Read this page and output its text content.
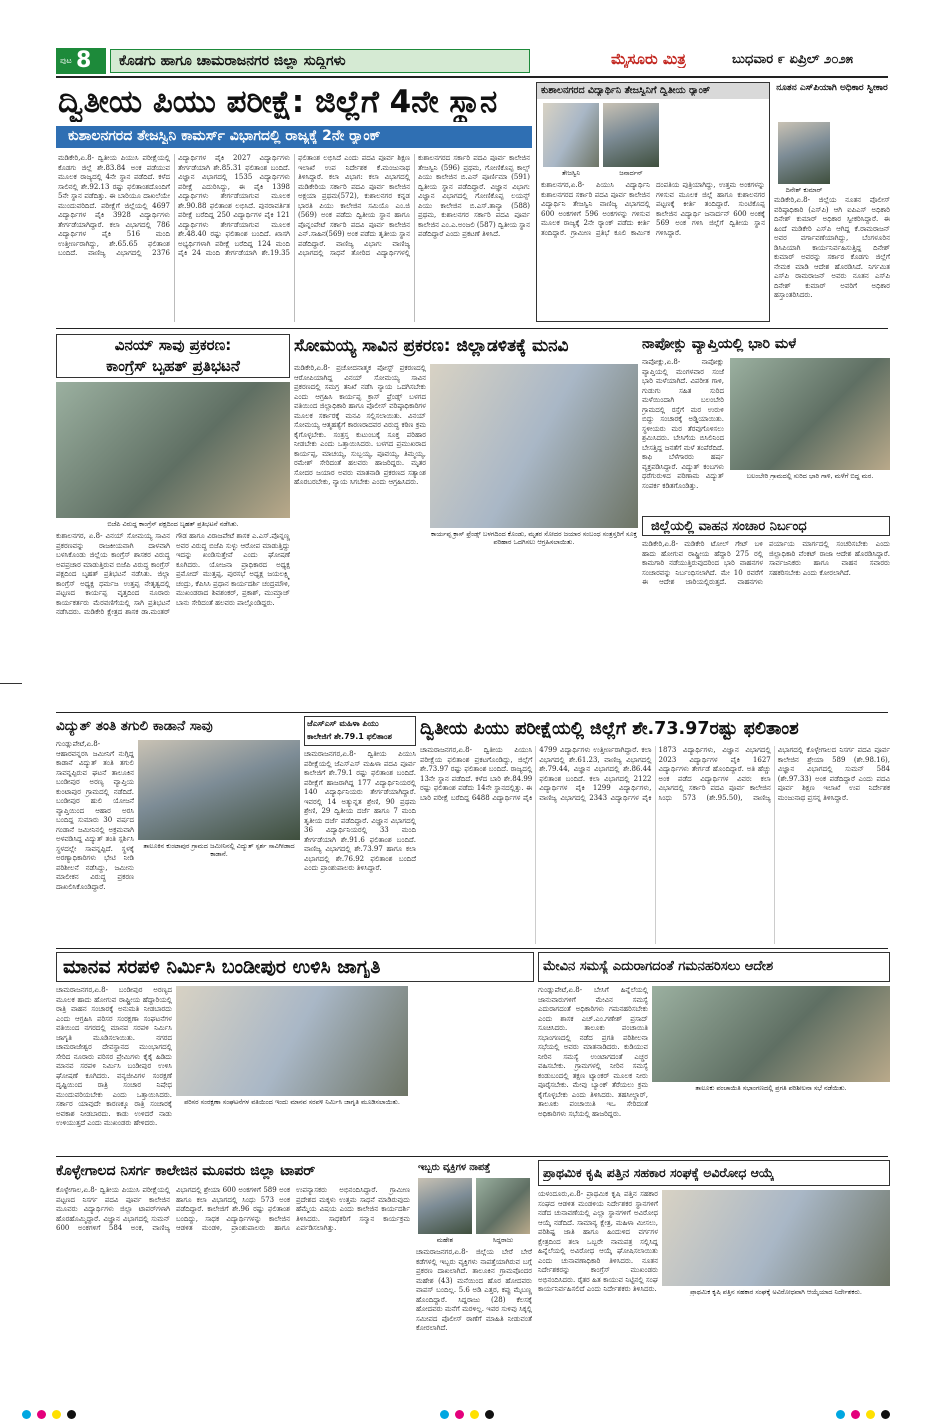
ಪುಟ 8 ಕೊಡಗು ಹಾಗೂ ಚಾಮರಾಜನಗರ ಜಿಲ್ಲಾ ಸುದ್ದಿಗಳು	ಮೈಸೂರು ಮಿತ್ರ	ಬುಧವಾರ ೯ ಏಪ್ರಿಲ್ ೨೦೨೫
ದ್ವಿತೀಯ ಪಿಯು ಪರೀಕ್ಷೆ: ಜಿಲ್ಲೆಗೆ 4ನೇ ಸ್ಥಾನ
ಕುಶಾಲನಗರದ ತೇಜಸ್ವಿನಿ ಕಾಮರ್ಸ್ ವಿಭಾಗದಲ್ಲಿ ರಾಜ್ಯಕ್ಕೆ 2ನೇ ರ‍್ಯಾಂಕ್
ಮಡಿಕೇರಿ,ಏ.8- ದ್ವಿತೀಯ ಪಿಯುಸಿ ಪರೀಕ್ಷೆಯಲ್ಲಿ ಕೊಡಗು ಜಿಲ್ಲೆ ಶೇ.83.84 ಅಂಕ ಪಡೆಯುವ ಮೂಲಕ ರಾಜ್ಯದಲ್ಲಿ 4ನೇ ಸ್ಥಾನ ಪಡೆದಿದೆ. ಕಳೆದ ಸಾಲಿನಲ್ಲಿ ಶೇ.92.13 ರಷ್ಟು ಫಲಿತಾಂಶದೊಂದಿಗೆ 5ನೇ ಸ್ಥಾನ ಪಡೆದಿತ್ತು. ಈ ಬಾರಿಯೂ ದಾಖಲೆಯೇ ಮುಂದುವರಿದಿದೆ. ಪರೀಕ್ಷೆಗೆ ಜಿಲ್ಲೆಯಲ್ಲಿ 4697 ವಿದ್ಯಾರ್ಥಿಗಳ ಪೈಕಿ 3928 ವಿದ್ಯಾರ್ಥಿಗಳು ತೇರ್ಗಡೆಯಾಗಿದ್ದಾರೆ. ಕಲಾ ವಿಭಾಗದಲ್ಲಿ 786 ವಿದ್ಯಾರ್ಥಿಗಳ ಪೈಕಿ 516 ಮಂದಿ ಉತ್ತೀರ್ಣರಾಗಿದ್ದು, ಶೇ.65.65 ಫಲಿತಾಂಶ ಬಂದಿದೆ. ವಾಣಿಜ್ಯ ವಿಭಾಗದಲ್ಲಿ 2376 ವಿದ್ಯಾರ್ಥಿಗಳ ಪೈಕಿ 2027 ವಿದ್ಯಾರ್ಥಿಗಳು ತೇರ್ಗಡೆಯಾಗಿ ಶೇ.85.31 ಫಲಿತಾಂಶ ಬಂದಿದೆ. ವಿಜ್ಞಾನ ವಿಭಾಗದಲ್ಲಿ 1535 ವಿದ್ಯಾರ್ಥಿಗಳು ಪರೀಕ್ಷೆ ಎದುರಿಸಿದ್ದು, ಈ ಪೈಕಿ 1398 ವಿದ್ಯಾರ್ಥಿಗಳು ತೇರ್ಗಡೆಯಾಗುವ ಮೂಲಕ ಶೇ.90.88 ಫಲಿತಾಂಶ ಲಭಿಸಿದೆ. ಪುನರಾವರ್ತಿತ ಪರೀಕ್ಷೆ ಬರೆದಿದ್ದ 250 ವಿದ್ಯಾರ್ಥಿಗಳ ಪೈಕಿ 121 ವಿದ್ಯಾರ್ಥಿಗಳು ತೇರ್ಗಡೆಯಾಗುವ ಮೂಲಕ ಶೇ.48.40 ರಷ್ಟು ಫಲಿತಾಂಶ ಬಂದಿದೆ. ಖಾಸಗಿ ಅಭ್ಯರ್ಥಿಗಳಾಗಿ ಪರೀಕ್ಷೆ ಬರೆದಿದ್ದ 124 ಮಂದಿ ಪೈಕಿ 24 ಮಂದಿ ತೇರ್ಗಡೆಯಾಗಿ ಶೇ.19.35 ಫಲಿತಾಂಶ ಲಭಿಸಿದೆ ಎಂದು ಪದವಿ ಪೂರ್ವ ಶಿಕ್ಷಣ ಇಲಾಖೆ ಉಪ ನಿರ್ದೇಶಕ ಕೆ.ಮಂಜುನಾಥ ತಿಳಿಸಿದ್ದಾರೆ. ಕಲಾ ವಿಭಾಗ: ಕಲಾ ವಿಭಾಗದಲ್ಲಿ ಮಡಿಕೇರಿಯ ಸರ್ಕಾರಿ ಪದವಿ ಪೂರ್ವ ಕಾಲೇಜಿನ ಅಕ್ಷಯಾ ಪ್ರಥಮ(572), ಕುಶಾಲನಗರ ಕನ್ನಡ ಭಾರತಿ ಪಿಯು ಕಾಲೇಜಿನ ಸಮಿಯೊ ಎಂ.ಜಿ (569) ಅಂಕ ಪಡೆದು ದ್ವಿತೀಯ ಸ್ಥಾನ ಹಾಗೂ ಪೊನ್ನಂಪೇಟೆ ಸರ್ಕಾರಿ ಪದವಿ ಪೂರ್ವ ಕಾಲೇಜಿನ ಎನ್.ಸಾಹಿನ(569) ಅಂಕ ಪಡೆದು ತೃತೀಯ ಸ್ಥಾನ ಪಡೆದಿದ್ದಾರೆ. ವಾಣಿಜ್ಯ ವಿಭಾಗ: ವಾಣಿಜ್ಯ ವಿಭಾಗದಲ್ಲಿ ಸಾಧನೆ ತೋರಿದ ವಿದ್ಯಾರ್ಥಿಗಳಲ್ಲಿ ಕುಶಾಲನಗರದ ಸರ್ಕಾರಿ ಪದವಿ ಪೂರ್ವ ಕಾಲೇಜಿನ ತೇಜಸ್ವಿನಿ (596) ಪ್ರಥಮ, ಗೋಣಿಕೊಪ್ಪ ಕಾಲ್ಸ್ ಪಿಯು ಕಾಲೇಜಿನ ಬಿ.ಎನ್ ಪೂರ್ಣಿಮಾ (591) ದ್ವಿತೀಯ ಸ್ಥಾನ ಪಡೆದಿದ್ದಾರೆ. ವಿಜ್ಞಾನ ವಿಭಾಗ: ವಿಜ್ಞಾನ ವಿಭಾಗದಲ್ಲಿ ಗೋಣಿಕೊಪ್ಪ ಲಯನ್ಸ್ ಪಿಯು ಕಾಲೇಜಿನ ಬಿ.ಎಸ್.ತಾನ್ಯಾ (588) ಪ್ರಥಮ, ಕುಶಾಲನಗರ ಸರ್ಕಾರಿ ಪದವಿ ಪೂರ್ವ ಕಾಲೇಜಿನ ಎಂ.ಎ.ಅಂಜಲಿ (587) ದ್ವಿತೀಯ ಸ್ಥಾನ ಪಡೆದಿದ್ದಾರೆ ಎಂದು ಪ್ರಕಟಣೆ ತಿಳಿಸಿದೆ.
ಕುಶಾಲನಗರದ ವಿದ್ಯಾರ್ಥಿನಿ ತೇಜಸ್ವಿನಿಗೆ ದ್ವಿತೀಯ ರ‍್ಯಾಂಕ್
ತೇಜಸ್ವಿನಿ	ಜನಾರ್ದನ್
ಕುಶಾಲನಗರ,ಏ.8- ಪಿಯುಸಿ ವಿದ್ಯಾರ್ಥಿನಿ ಕುಶಾಲನಗರದ ಸರ್ಕಾರಿ ಪದವಿ ಪೂರ್ವ ಕಾಲೇಜಿನ ವಿದ್ಯಾರ್ಥಿನಿ ತೇಜಸ್ವಿನಿ ವಾಣಿಜ್ಯ ವಿಭಾಗದಲ್ಲಿ 600 ಅಂಕಗಳಿಗೆ 596 ಅಂಕಗಳನ್ನು ಗಳಿಸುವ ಮೂಲಕ ರಾಜ್ಯಕ್ಕೆ 2ನೇ ರ‍್ಯಾಂಕ್ ಪಡೆದು ಕೀರ್ತಿ ತಂದಿದ್ದಾರೆ. ಗ್ರಾಮೀಣ ಪ್ರತಿಭೆ ಕೂಲಿ ಕಾರ್ಮಿಕ ದಂಪತಿಯ ಪುತ್ರಿಯಾಗಿದ್ದು, ಉತ್ತಮ ಅಂಕಗಳನ್ನು ಗಳಿಸುವ ಮೂಲಕ ಜಿಲ್ಲೆ ಹಾಗೂ ಕುಶಾಲನಗರ ಪಟ್ಟಣಕ್ಕೆ ಕೀರ್ತಿ ತಂದಿದ್ದಾರೆ. ಸುಂಟಿಕೊಪ್ಪ ಕಾಲೇಜಿನ ವಿದ್ಯಾರ್ಥಿ ಜನಾರ್ದನ್ 600 ಅಂಕಕ್ಕೆ 569 ಅಂಕ ಗಳಿಸಿ ಜಿಲ್ಲೆಗೆ ದ್ವಿತೀಯ ಸ್ಥಾನ ಗಳಿಸಿದ್ದಾರೆ.
ನೂತನ ಎಸ್‌ಪಿಯಾಗಿ ಅಧಿಕಾರ ಸ್ವೀಕಾರ
ದಿನೇಶ್ ಕುಮಾರ್
ಮಡಿಕೇರಿ,ಏ.8- ಜಿಲ್ಲೆಯ ನೂತನ ಪೊಲೀಸ್ ವರಿಷ್ಠಾಧಿಕಾರಿ (ಎಸ್‌ಪಿ) ಆಗಿ ಐಪಿಎಸ್ ಅಧಿಕಾರಿ ದಿನೇಶ್ ಕುಮಾರ್ ಅಧಿಕಾರ ಸ್ವೀಕರಿಸಿದ್ದಾರೆ. ಈ ಹಿಂದೆ ಮಡಿಕೇರಿ ಎಸ್‌ಪಿ ಆಗಿದ್ದ ಕೆ.ರಾಮರಾಜನ್ ಅವರ ವರ್ಗಾವಣೆಯಾಗಿದ್ದು, ಬೆಂಗಳೂರಿನ ಡಿಸಿಪಿಯಾಗಿ ಕಾರ್ಯನಿರ್ವಹಿಸುತ್ತಿದ್ದ ದಿನೇಶ್ ಕುಮಾರ್ ಅವರನ್ನು ಸರ್ಕಾರ ಕೊಡಗು ಜಿಲ್ಲೆಗೆ ನೇಮಕ ಮಾಡಿ ಆದೇಶ ಹೊರಡಿಸಿದೆ. ನಿರ್ಗಮಿತ ಎಸ್‌ಪಿ ರಾಮರಾಜನ್ ಅವರು ನೂತನ ಎಸ್‌ಪಿ ದಿನೇಶ್ ಕುಮಾರ್ ಅವರಿಗೆ ಅಧಿಕಾರ ಹಸ್ತಾಂತರಿಸಿದರು.
ವಿನಯ್ ಸಾವು ಪ್ರಕರಣ:
ಕಾಂಗ್ರೆಸ್ ಬೃಹತ್ ಪ್ರತಿಭಟನೆ
ಬಿಜೆಪಿ ವಿರುದ್ಧ ಕಾಂಗ್ರೆಸ್ ಪಕ್ಷದಿಂದ ಬೃಹತ್ ಪ್ರತಿಭಟನೆ ನಡೆಸಿತು.
ಕುಶಾಲನಗರ, ಏ.8- ವಿನಯ್ ಸೋಮಯ್ಯ ಸಾವಿನ ಪ್ರಕರಣವನ್ನು ರಾಜಕೀಯವಾಗಿ ದಾಳವಾಗಿ ಬಳಸಿಕೊಂಡು ಜಿಲ್ಲೆಯ ಕಾಂಗ್ರೆಸ್ ಶಾಸಕರ ವಿರುದ್ಧ ಅಪಪ್ರಚಾರ ಮಾಡುತ್ತಿರುವ ಬಿಜೆಪಿ ವಿರುದ್ಧ ಕಾಂಗ್ರೆಸ್ ಪಕ್ಷದಿಂದ ಬೃಹತ್ ಪ್ರತಿಭಟನೆ ನಡೆಸಿತು. ಜಿಲ್ಲಾ ಕಾಂಗ್ರೆಸ್ ಅಧ್ಯಕ್ಷ ಧರ್ಮಜ ಉತ್ತಪ್ಪ ನೇತೃತ್ವದಲ್ಲಿ ಪಟ್ಟಣದ ಕಾರ್ಯಪ್ಪ ವೃತ್ತದಿಂದ ನೂರಾರು ಕಾರ್ಯಕರ್ತರು ಮೆರವಣಿಗೆಯಲ್ಲಿ ಸಾಗಿ ಪ್ರತಿಭಟನೆ ನಡೆಸಿದರು. ಮಡಿಕೇರಿ ಕ್ಷೇತ್ರದ ಶಾಸಕ ಡಾ.ಮಂತರ್ ಗೌಡ ಹಾಗೂ ವಿರಾಜಪೇಟೆ ಶಾಸಕ ಎ.ಎಸ್.ಪೊನ್ನಣ್ಣ ಅವರ ವಿರುದ್ಧ ಬಿಜೆಪಿ ಸುಳ್ಳು ಆರೋಪ ಮಾಡುತ್ತಿದ್ದು ಇದನ್ನು ಖಂಡಿಸುತ್ತೇವೆ ಎಂದು ಘೋಷಣೆ ಕೂಗಿದರು. ಯೋಜನಾ ಪ್ರಾಧಿಕಾರದ ಅಧ್ಯಕ್ಷ ಪ್ರಮೋದ್ ಮುತ್ತಪ್ಪ, ಪುರಸಭೆ ಅಧ್ಯಕ್ಷ ಜಯಲಕ್ಷ್ಮಿ ಚಂದ್ರು, ಕೆಪಿಸಿಸಿ ಪ್ರಧಾನ ಕಾರ್ಯದರ್ಶಿ ಚಂದ್ರಮೌಳಿ, ಮುಖಂಡರಾದ ಶಿವಶಂಕರ್, ಪ್ರಕಾಶ್, ಮುಮ್ತಾಜ್ ಬಾನು ಸೇರಿದಂತೆ ಹಲವರು ಪಾಲ್ಗೊಂಡಿದ್ದರು.
ಸೋಮಯ್ಯ ಸಾವಿನ ಪ್ರಕರಣ: ಜಿಲ್ಲಾಡಳಿತಕ್ಕೆ ಮನವಿ
ಮಡಿಕೇರಿ,ಏ.8- ಪ್ರಚೋದನಾತ್ಮಕ ಪೋಸ್ಟ್ ಪ್ರಕರಣದಲ್ಲಿ ಆರೋಪಿಯಾಗಿದ್ದ ವಿನಯ್ ಸೋಮಯ್ಯ ಸಾವಿನ ಪ್ರಕರಣದಲ್ಲಿ ಸಮಗ್ರ ತನಿಖೆ ನಡೆಸಿ ನ್ಯಾಯ ಒದಗಿಸಬೇಕು ಎಂದು ಆಗ್ರಹಿಸಿ ಕಾರ್ಯಪ್ಪ ಕ್ರಾಸ್ ಫ್ರೆಂಡ್ಸ್ ಬಳಗದ ವತಿಯಿಂದ ಜಿಲ್ಲಾಧಿಕಾರಿ ಹಾಗೂ ಪೊಲೀಸ್ ವರಿಷ್ಠಾಧಿಕಾರಿಗಳ ಮೂಲಕ ಸರ್ಕಾರಕ್ಕೆ ಮನವಿ ಸಲ್ಲಿಸಲಾಯಿತು. ವಿನಯ್ ಸೋಮಯ್ಯ ಆತ್ಮಹತ್ಯೆಗೆ ಕಾರಣರಾದವರ ವಿರುದ್ಧ ಕಠಿಣ ಕ್ರಮ ಕೈಗೊಳ್ಳಬೇಕು. ಸಂತ್ರಸ್ತ ಕುಟುಂಬಕ್ಕೆ ಸೂಕ್ತ ಪರಿಹಾರ ನೀಡಬೇಕು ಎಂದು ಒತ್ತಾಯಿಸಿದರು. ಬಳಗದ ಪ್ರಮುಖರಾದ ಕಾರ್ಯಪ್ಪ, ಮಾಚಯ್ಯ, ಸುಬ್ಬಯ್ಯ, ಪೂವಯ್ಯ, ತಿಮ್ಮಯ್ಯ, ರಮೇಶ್ ಸೇರಿದಂತೆ ಹಲವರು ಹಾಜರಿದ್ದರು. ಮೃತರ ಸೋದರ ಜಯಾರ ಅವರು ಮಾತನಾಡಿ ಪ್ರಕರಣದ ಸತ್ಯಾಂಶ ಹೊರಬರಬೇಕು, ನ್ಯಾಯ ಸಿಗಬೇಕು ಎಂದು ಆಗ್ರಹಿಸಿದರು.
ಕಾರ್ಯಪ್ಪ ಕ್ರಾಸ್ ಫ್ರೆಂಡ್ಸ್ ಬಳಗದಿಂದ ಕೊಂಡು, ಮೃತರ ಸೋದರ ಜಯಾರ ಸಂಬಂಧ ಸಂತ್ರಸ್ತರಿಗೆ ಸೂಕ್ತ ಪರಿಹಾರ ಒದಗಿಸಲು ಆಗ್ರಹಿಸಲಾಯಿತು.
ನಾಪೋಕ್ಲು ವ್ಯಾಪ್ತಿಯಲ್ಲಿ ಭಾರಿ ಮಳೆ
ನಾಪೋಕ್ಲು,ಏ.8- ನಾಪೋಕ್ಲು ವ್ಯಾಪ್ತಿಯಲ್ಲಿ ಮಂಗಳವಾರ ಸಂಜೆ ಭಾರಿ ಮಳೆಯಾಗಿದೆ. ವಿಪರೀತ ಗಾಳಿ, ಗುಡುಗು ಸಹಿತ ಸುರಿದ ಮಳೆಯಿಂದಾಗಿ ಬಲಂಬೇರಿ ಗ್ರಾಮದಲ್ಲಿ ರಸ್ತೆಗೆ ಮರ ಉರುಳಿ ಬಿದ್ದು ಸಂಚಾರಕ್ಕೆ ಅಡ್ಡಿಯಾಯಿತು. ಸ್ಥಳೀಯರು ಮರ ತೆರವುಗೊಳಿಸಲು ಶ್ರಮಿಸಿದರು. ಬೇಸಿಗೆಯ ಬಿಸಿಲಿನಿಂದ ಬೇಸತ್ತಿದ್ದ ಜನತೆಗೆ ಮಳೆ ತಂಪೆರೆದಿದೆ. ಕಾಫಿ ಬೆಳೆಗಾರರು ಹರ್ಷ ವ್ಯಕ್ತಪಡಿಸಿದ್ದಾರೆ. ವಿದ್ಯುತ್ ಕಂಬಗಳು ಧರೆಗುರುಳಿದ ಪರಿಣಾಮ ವಿದ್ಯುತ್ ಸಂಪರ್ಕ ಕಡಿತಗೊಂಡಿತ್ತು.
ಬಲಂಬೇರಿ ಗ್ರಾಮದಲ್ಲಿ ಸುರಿದ ಭಾರಿ ಗಾಳಿ, ಮಳೆಗೆ ಬಿದ್ದ ಮರ.
ಜಿಲ್ಲೆಯಲ್ಲಿ ವಾಹನ ಸಂಚಾರ ನಿರ್ಬಂಧ
ಮಡಿಕೇರಿ,ಏ.8- ಮಡಿಕೇರಿ ಟೋಲ್ ಗೇಟ್ ಬಳಿ ಹಾದು ಹೋಗುವ ರಾಷ್ಟ್ರೀಯ ಹೆದ್ದಾರಿ 275 ರಲ್ಲಿ ಕಾಮಗಾರಿ ನಡೆಯುತ್ತಿರುವುದರಿಂದ ಭಾರಿ ವಾಹನಗಳ ಸಂಚಾರವನ್ನು ನಿರ್ಬಂಧಿಸಲಾಗಿದೆ. ಮೇ 10 ರವರೆಗೆ ಈ ಆದೇಶ ಜಾರಿಯಲ್ಲಿರುತ್ತದೆ. ವಾಹನಗಳು ಪರ್ಯಾಯ ಮಾರ್ಗದಲ್ಲಿ ಸಂಚರಿಸಬೇಕು ಎಂದು ಜಿಲ್ಲಾಧಿಕಾರಿ ವೆಂಕಟ್ ರಾಜಾ ಆದೇಶ ಹೊರಡಿಸಿದ್ದಾರೆ. ಸಾರ್ವಜನಿಕರು ಹಾಗೂ ವಾಹನ ಸವಾರರು ಸಹಕರಿಸಬೇಕು ಎಂದು ಕೋರಲಾಗಿದೆ.
ವಿದ್ಯುತ್ ತಂತಿ ತಗುಲಿ ಕಾಡಾನೆ ಸಾವು
ತಾಲೂಕಿನ ಕುಂಟಾಪುರ ಗ್ರಾಮದ ಜಮೀನಿನಲ್ಲಿ ವಿದ್ಯುತ್ ಸ್ಪರ್ಶ ಸಾವಿಗೀಡಾದ ಕಾಡಾನೆ.
ಗುಂಡ್ಲುಪೇಟೆ,ಏ.8- ಆಹಾರವನ್ನರಸಿ ಜಮೀನಿಗೆ ನುಗ್ಗಿದ್ದ ಕಾಡಾನೆ ವಿದ್ಯುತ್ ತಂತಿ ತಗುಲಿ ಸಾವನ್ನಪ್ಪಿರುವ ಘಟನೆ ತಾಲೂಕಿನ ಬಂಡೀಪುರ ಅರಣ್ಯ ವ್ಯಾಪ್ತಿಯ ಕುಂಟಾಪುರ ಗ್ರಾಮದಲ್ಲಿ ನಡೆದಿದೆ. ಬಂಡೀಪುರ ಹುಲಿ ಯೋಜನೆ ವ್ಯಾಪ್ತಿಯಿಂದ ಆಹಾರ ಅರಸಿ ಬಂದಿದ್ದ ಸುಮಾರು 30 ವರ್ಷದ ಗಂಡಾನೆ ಜಮೀನಿನಲ್ಲಿ ಅಕ್ರಮವಾಗಿ ಅಳವಡಿಸಿದ್ದ ವಿದ್ಯುತ್ ತಂತಿ ಸ್ಪರ್ಶಿಸಿ ಸ್ಥಳದಲ್ಲೇ ಸಾವನ್ನಪ್ಪಿದೆ. ಸ್ಥಳಕ್ಕೆ ಅರಣ್ಯಾಧಿಕಾರಿಗಳು ಭೇಟಿ ನೀಡಿ ಪರಿಶೀಲನೆ ನಡೆಸಿದ್ದು, ಜಮೀನು ಮಾಲೀಕನ ವಿರುದ್ಧ ಪ್ರಕರಣ ದಾಖಲಿಸಿಕೊಂಡಿದ್ದಾರೆ.
ಜೆಎಸ್‌ಎಸ್ ಮಹಿಳಾ ಪಿಯು
ಕಾಲೇಜಿಗೆ ಶೇ.79.1 ಫಲಿತಾಂಶ
ಚಾಮರಾಜನಗರ,ಏ.8- ದ್ವಿತೀಯ ಪಿಯುಸಿ ಪರೀಕ್ಷೆಯಲ್ಲಿ ಜೆಎಸ್‌ಎಸ್ ಮಹಿಳಾ ಪದವಿ ಪೂರ್ವ ಕಾಲೇಜಿಗೆ ಶೇ.79.1 ರಷ್ಟು ಫಲಿತಾಂಶ ಬಂದಿದೆ. ಪರೀಕ್ಷೆಗೆ ಹಾಜರಾಗಿದ್ದ 177 ವಿದ್ಯಾರ್ಥಿನಿಯರಲ್ಲಿ 140 ವಿದ್ಯಾರ್ಥಿನಿಯರು ತೇರ್ಗಡೆಯಾಗಿದ್ದಾರೆ. ಇವರಲ್ಲಿ 14 ಅತ್ಯುನ್ನತ ಶ್ರೇಣಿ, 90 ಪ್ರಥಮ ಶ್ರೇಣಿ, 29 ದ್ವಿತೀಯ ದರ್ಜೆ ಹಾಗೂ 7 ಮಂದಿ ತೃತೀಯ ದರ್ಜೆ ಪಡೆದಿದ್ದಾರೆ. ವಿಜ್ಞಾನ ವಿಭಾಗದಲ್ಲಿ 36 ವಿದ್ಯಾರ್ಥಿನಿಯರಲ್ಲಿ 33 ಮಂದಿ ತೇರ್ಗಡೆಯಾಗಿ ಶೇ.91.6 ಫಲಿತಾಂಶ ಬಂದಿದೆ. ವಾಣಿಜ್ಯ ವಿಭಾಗದಲ್ಲಿ ಶೇ.73.97 ಹಾಗೂ ಕಲಾ ವಿಭಾಗದಲ್ಲಿ ಶೇ.76.92 ಫಲಿತಾಂಶ ಬಂದಿದೆ ಎಂದು ಪ್ರಾಂಶುಪಾಲರು ತಿಳಿಸಿದ್ದಾರೆ.
ದ್ವಿತೀಯ ಪಿಯು ಪರೀಕ್ಷೆಯಲ್ಲಿ ಜಿಲ್ಲೆಗೆ ಶೇ.73.97ರಷ್ಟು ಫಲಿತಾಂಶ
ಚಾಮರಾಜನಗರ,ಏ.8- ದ್ವಿತೀಯ ಪಿಯುಸಿ ಪರೀಕ್ಷೆಯ ಫಲಿತಾಂಶ ಪ್ರಕಟಗೊಂಡಿದ್ದು, ಜಿಲ್ಲೆಗೆ ಶೇ.73.97 ರಷ್ಟು ಫಲಿತಾಂಶ ಬಂದಿದೆ. ರಾಜ್ಯದಲ್ಲಿ 13ನೇ ಸ್ಥಾನ ಪಡೆದಿದೆ. ಕಳೆದ ಬಾರಿ ಶೇ.84.99 ರಷ್ಟು ಫಲಿತಾಂಶ ಪಡೆದು 14ನೇ ಸ್ಥಾನದಲ್ಲಿತ್ತು. ಈ ಬಾರಿ ಪರೀಕ್ಷೆ ಬರೆದಿದ್ದ 6488 ವಿದ್ಯಾರ್ಥಿಗಳ ಪೈಕಿ 4799 ವಿದ್ಯಾರ್ಥಿಗಳು ಉತ್ತೀರ್ಣರಾಗಿದ್ದಾರೆ. ಕಲಾ ವಿಭಾಗದಲ್ಲಿ ಶೇ.61.23, ವಾಣಿಜ್ಯ ವಿಭಾಗದಲ್ಲಿ ಶೇ.79.44, ವಿಜ್ಞಾನ ವಿಭಾಗದಲ್ಲಿ ಶೇ.86.44 ಫಲಿತಾಂಶ ಬಂದಿದೆ. ಕಲಾ ವಿಭಾಗದಲ್ಲಿ 2122 ವಿದ್ಯಾರ್ಥಿಗಳ ಪೈಕಿ 1299 ವಿದ್ಯಾರ್ಥಿಗಳು, ವಾಣಿಜ್ಯ ವಿಭಾಗದಲ್ಲಿ 2343 ವಿದ್ಯಾರ್ಥಿಗಳ ಪೈಕಿ 1873 ವಿದ್ಯಾರ್ಥಿಗಳು, ವಿಜ್ಞಾನ ವಿಭಾಗದಲ್ಲಿ 2023 ವಿದ್ಯಾರ್ಥಿಗಳ ಪೈಕಿ 1627 ವಿದ್ಯಾರ್ಥಿಗಳು ತೇರ್ಗಡೆ ಹೊಂದಿದ್ದಾರೆ. ಅತಿ ಹೆಚ್ಚು ಅಂಕ ಪಡೆದ ವಿದ್ಯಾರ್ಥಿಗಳ ವಿವರ: ಕಲಾ ವಿಭಾಗದಲ್ಲಿ ಸರ್ಕಾರಿ ಪದವಿ ಪೂರ್ವ ಕಾಲೇಜಿನ ಸಿಂಧು 573 (ಶೇ.95.50), ವಾಣಿಜ್ಯ ವಿಭಾಗದಲ್ಲಿ ಕೊಳ್ಳೇಗಾಲದ ನಿಸರ್ಗ ಪದವಿ ಪೂರ್ವ ಕಾಲೇಜಿನ ಶ್ರೇಯಾ 589 (ಶೇ.98.16), ವಿಜ್ಞಾನ ವಿಭಾಗದಲ್ಲಿ ಸುಮನ್ 584 (ಶೇ.97.33) ಅಂಕ ಪಡೆದಿದ್ದಾರೆ ಎಂದು ಪದವಿ ಪೂರ್ವ ಶಿಕ್ಷಣ ಇಲಾಖೆ ಉಪ ನಿರ್ದೇಶಕ ಮಂಜುನಾಥ ಪ್ರಸನ್ನ ತಿಳಿಸಿದ್ದಾರೆ.
ಮಾನವ ಸರಪಳಿ ನಿರ್ಮಿಸಿ ಬಂಡೀಪುರ ಉಳಿಸಿ ಜಾಗೃತಿ
ಚಾಮರಾಜನಗರ,ಏ.8- ಬಂಡೀಪುರ ಅರಣ್ಯದ ಮೂಲಕ ಹಾದು ಹೋಗುವ ರಾಷ್ಟ್ರೀಯ ಹೆದ್ದಾರಿಯಲ್ಲಿ ರಾತ್ರಿ ವಾಹನ ಸಂಚಾರಕ್ಕೆ ಅನುಮತಿ ನೀಡಬಾರದು ಎಂದು ಆಗ್ರಹಿಸಿ ಪರಿಸರ ಸಂರಕ್ಷಣಾ ಸಂಘಟನೆಗಳ ವತಿಯಿಂದ ನಗರದಲ್ಲಿ ಮಾನವ ಸರಪಳಿ ನಿರ್ಮಿಸಿ ಜಾಗೃತಿ ಮೂಡಿಸಲಾಯಿತು. ನಗರದ ಚಾಮರಾಜೇಶ್ವರ ದೇವಸ್ಥಾನದ ಮುಂಭಾಗದಲ್ಲಿ ಸೇರಿದ ನೂರಾರು ಪರಿಸರ ಪ್ರೇಮಿಗಳು ಕೈಕೈ ಹಿಡಿದು ಮಾನವ ಸರಪಳಿ ನಿರ್ಮಿಸಿ ಬಂಡೀಪುರ ಉಳಿಸಿ ಘೋಷಣೆ ಕೂಗಿದರು. ವನ್ಯಜೀವಿಗಳ ಸಂರಕ್ಷಣೆ ದೃಷ್ಟಿಯಿಂದ ರಾತ್ರಿ ಸಂಚಾರ ನಿಷೇಧ ಮುಂದುವರಿಯಬೇಕು ಎಂದು ಒತ್ತಾಯಿಸಿದರು. ಸರ್ಕಾರ ಯಾವುದೇ ಕಾರಣಕ್ಕೂ ರಾತ್ರಿ ಸಂಚಾರಕ್ಕೆ ಅವಕಾಶ ನೀಡಬಾರದು. ಕಾಡು ಉಳಿದರೆ ನಾಡು ಉಳಿಯುತ್ತದೆ ಎಂದು ಮುಖಂಡರು ಹೇಳಿದರು.
ಪರಿಸರ ಸಂರಕ್ಷಣಾ ಸಂಘಟನೆಗಳ ವತಿಯಿಂದ ಇಂದು ಮಾನವ ಸರಪಳಿ ನಿರ್ಮಿಸಿ ಜಾಗೃತಿ ಮೂಡಿಸಲಾಯಿತು.
ಮೇವಿನ ಸಮಸ್ಯೆ ಎದುರಾಗದಂತೆ ಗಮನಹರಿಸಲು ಆದೇಶ
ಗುಂಡ್ಲುಪೇಟೆ,ಏ.8- ಬೇಸಿಗೆ ಹಿನ್ನೆಲೆಯಲ್ಲಿ ಜಾನುವಾರುಗಳಿಗೆ ಮೇವಿನ ಸಮಸ್ಯೆ ಎದುರಾಗದಂತೆ ಅಧಿಕಾರಿಗಳು ಗಮನಹರಿಸಬೇಕು ಎಂದು ಶಾಸಕ ಎಚ್.ಎಂ.ಗಣೇಶ್ ಪ್ರಸಾದ್ ಸೂಚಿಸಿದರು. ತಾಲೂಕು ಪಂಚಾಯಿತಿ ಸಭಾಂಗಣದಲ್ಲಿ ನಡೆದ ಪ್ರಗತಿ ಪರಿಶೀಲನಾ ಸಭೆಯಲ್ಲಿ ಅವರು ಮಾತನಾಡಿದರು. ಕುಡಿಯುವ ನೀರಿನ ಸಮಸ್ಯೆ ಉಂಟಾಗದಂತೆ ಎಚ್ಚರ ವಹಿಸಬೇಕು. ಗ್ರಾಮಗಳಲ್ಲಿ ನೀರಿನ ಸಮಸ್ಯೆ ಕಂಡುಬಂದಲ್ಲಿ ತಕ್ಷಣ ಟ್ಯಾಂಕರ್ ಮೂಲಕ ನೀರು ಪೂರೈಸಬೇಕು. ಮೇವು ಬ್ಯಾಂಕ್ ತೆರೆಯಲು ಕ್ರಮ ಕೈಗೊಳ್ಳಬೇಕು ಎಂದು ತಿಳಿಸಿದರು. ತಹಸೀಲ್ದಾರ್, ತಾಲೂಕು ಪಂಚಾಯಿತಿ ಇಒ ಸೇರಿದಂತೆ ಅಧಿಕಾರಿಗಳು ಸಭೆಯಲ್ಲಿ ಹಾಜರಿದ್ದರು.
ತಾಲೂಕು ಪಂಚಾಯಿತಿ ಸಭಾಂಗಣದಲ್ಲಿ ಪ್ರಗತಿ ಪರಿಶೀಲನಾ ಸಭೆ ನಡೆಯಿತು.
ಕೊಳ್ಳೇಗಾಲದ ನಿಸರ್ಗ ಕಾಲೇಜಿನ ಮೂವರು ಜಿಲ್ಲಾ ಟಾಪರ್
ಕೊಳ್ಳೇಗಾಲ,ಏ.8- ದ್ವಿತೀಯ ಪಿಯುಸಿ ಪರೀಕ್ಷೆಯಲ್ಲಿ ಪಟ್ಟಣದ ನಿಸರ್ಗ ಪದವಿ ಪೂರ್ವ ಕಾಲೇಜಿನ ಮೂವರು ವಿದ್ಯಾರ್ಥಿಗಳು ಜಿಲ್ಲಾ ಟಾಪರ್‌ಗಳಾಗಿ ಹೊರಹೊಮ್ಮಿದ್ದಾರೆ. ವಿಜ್ಞಾನ ವಿಭಾಗದಲ್ಲಿ ಸುಮನ್ 600 ಅಂಕಗಳಿಗೆ 584 ಅಂಕ, ವಾಣಿಜ್ಯ ವಿಭಾಗದಲ್ಲಿ ಶ್ರೇಯಾ 600 ಅಂಕಗಳಿಗೆ 589 ಅಂಕ ಹಾಗೂ ಕಲಾ ವಿಭಾಗದಲ್ಲಿ ಸಿಂಧು 573 ಅಂಕ ಪಡೆದಿದ್ದಾರೆ. ಕಾಲೇಜಿಗೆ ಶೇ.96 ರಷ್ಟು ಫಲಿತಾಂಶ ಬಂದಿದ್ದು, ಸಾಧಕ ವಿದ್ಯಾರ್ಥಿಗಳನ್ನು ಕಾಲೇಜಿನ ಆಡಳಿತ ಮಂಡಳಿ, ಪ್ರಾಂಶುಪಾಲರು ಹಾಗೂ ಉಪನ್ಯಾಸಕರು ಅಭಿನಂದಿಸಿದ್ದಾರೆ. ಗ್ರಾಮೀಣ ಪ್ರದೇಶದ ಮಕ್ಕಳು ಉತ್ತಮ ಸಾಧನೆ ಮಾಡಿರುವುದು ಹೆಮ್ಮೆಯ ವಿಷಯ ಎಂದು ಕಾಲೇಜಿನ ಕಾರ್ಯದರ್ಶಿ ತಿಳಿಸಿದರು. ಸಾಧಕರಿಗೆ ಸನ್ಮಾನ ಕಾರ್ಯಕ್ರಮ ಏರ್ಪಡಿಸಲಾಗಿತ್ತು.
ಇಬ್ಬರು ವ್ಯಕ್ತಿಗಳ ನಾಪತ್ತೆ
ಮಹೇಶ	ಸಿದ್ದರಾಜು
ಚಾಮರಾಜನಗರ,ಏ.8- ಜಿಲ್ಲೆಯ ಬೇರೆ ಬೇರೆ ಕಡೆಗಳಲ್ಲಿ ಇಬ್ಬರು ವ್ಯಕ್ತಿಗಳು ನಾಪತ್ತೆಯಾಗಿರುವ ಬಗ್ಗೆ ಪ್ರಕರಣ ದಾಖಲಾಗಿದೆ. ತಾಲೂಕಿನ ಗ್ರಾಮವೊಂದರ ಮಹೇಶ (43) ಮನೆಯಿಂದ ಹೊರ ಹೋದವರು ವಾಪಸ್ ಬಂದಿಲ್ಲ. 5.6 ಅಡಿ ಎತ್ತರ, ಕಪ್ಪು ಮೈಬಣ್ಣ ಹೊಂದಿದ್ದಾರೆ. ಸಿದ್ದರಾಜು (28) ಕೆಲಸಕ್ಕೆ ಹೋದವರು ಮನೆಗೆ ಮರಳಿಲ್ಲ. ಇವರ ಸುಳಿವು ಸಿಕ್ಕಲ್ಲಿ ಸಮೀಪದ ಪೊಲೀಸ್ ಠಾಣೆಗೆ ಮಾಹಿತಿ ನೀಡುವಂತೆ ಕೋರಲಾಗಿದೆ.
ಪ್ರಾಥಮಿಕ ಕೃಷಿ ಪತ್ತಿನ ಸಹಕಾರ ಸಂಘಕ್ಕೆ ಅವಿರೋಧ ಆಯ್ಕೆ
ಯಳಂದೂರು,ಏ.8- ಪ್ರಾಥಮಿಕ ಕೃಷಿ ಪತ್ತಿನ ಸಹಕಾರ ಸಂಘದ ಆಡಳಿತ ಮಂಡಳಿಯ ನಿರ್ದೇಶಕರ ಸ್ಥಾನಗಳಿಗೆ ನಡೆದ ಚುನಾವಣೆಯಲ್ಲಿ ಎಲ್ಲಾ ಸ್ಥಾನಗಳಿಗೆ ಅವಿರೋಧ ಆಯ್ಕೆ ನಡೆದಿದೆ. ಸಾಮಾನ್ಯ ಕ್ಷೇತ್ರ, ಮಹಿಳಾ ಮೀಸಲು, ಪರಿಶಿಷ್ಟ ಜಾತಿ ಹಾಗೂ ಹಿಂದುಳಿದ ವರ್ಗಗಳ ಕ್ಷೇತ್ರದಿಂದ ತಲಾ ಒಬ್ಬರೇ ನಾಮಪತ್ರ ಸಲ್ಲಿಸಿದ್ದ ಹಿನ್ನೆಲೆಯಲ್ಲಿ ಅವಿರೋಧ ಆಯ್ಕೆ ಘೋಷಿಸಲಾಯಿತು ಎಂದು ಚುನಾವಣಾಧಿಕಾರಿ ತಿಳಿಸಿದರು. ನೂತನ ನಿರ್ದೇಶಕರನ್ನು ಕಾಂಗ್ರೆಸ್ ಮುಖಂಡರು ಅಭಿನಂದಿಸಿದರು. ರೈತರ ಹಿತ ಕಾಯುವ ನಿಟ್ಟಿನಲ್ಲಿ ಸಂಘ ಕಾರ್ಯನಿರ್ವಹಿಸಲಿದೆ ಎಂದು ನಿರ್ದೇಶಕರು ತಿಳಿಸಿದರು.	ಪ್ರಾಥಮಿಕ ಕೃಷಿ ಪತ್ತಿನ ಸಹಕಾರ ಸಂಘಕ್ಕೆ ಅವಿರೋಧವಾಗಿ ಆಯ್ಕೆಯಾದ ನಿರ್ದೇಶಕರು.
